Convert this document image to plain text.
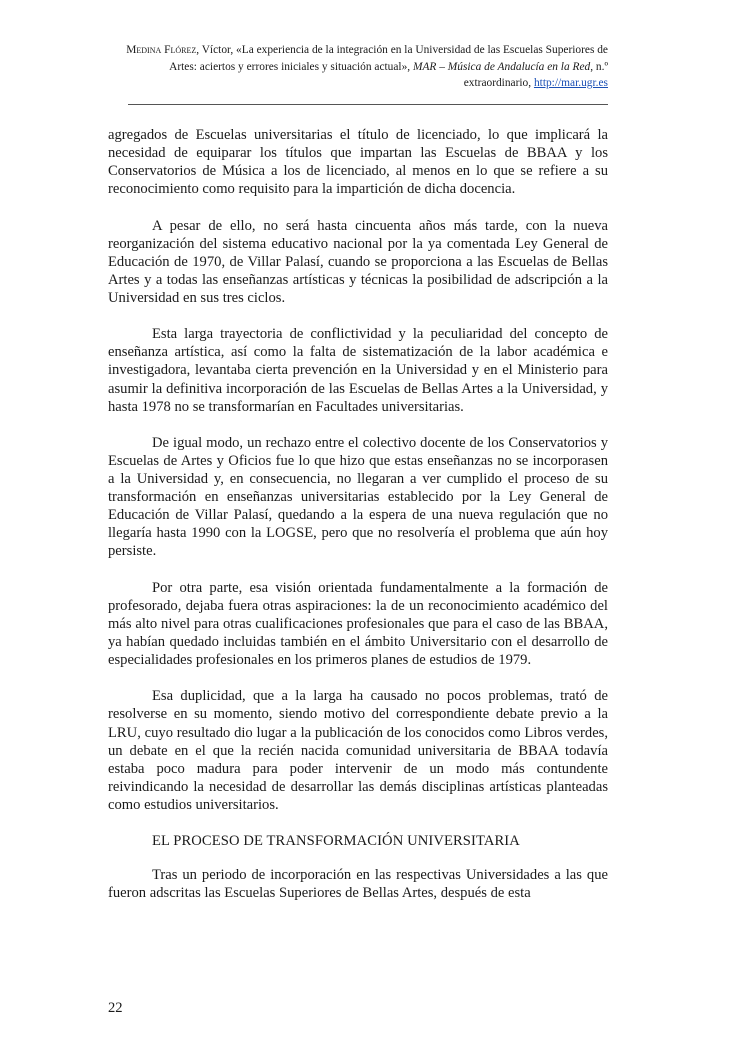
Medina Flórez, Víctor, «La experiencia de la integración en la Universidad de las Escuelas Superiores de Artes: aciertos y errores iniciales y situación actual», MAR – Música de Andalucía en la Red, n.º extraordinario, http://mar.ugr.es

agregados de Escuelas universitarias el título de licenciado, lo que implicará la necesidad de equiparar los títulos que impartan las Escuelas de BBAA y los Conservatorios de Música a los de licenciado, al menos en lo que se refiere a su reconocimiento como requisito para la impartición de dicha docencia.

A pesar de ello, no será hasta cincuenta años más tarde, con la nueva reorganización del sistema educativo nacional por la ya comentada Ley General de Educación de 1970, de Villar Palasí, cuando se proporciona a las Escuelas de Bellas Artes y a todas las enseñanzas artísticas y técnicas la posibilidad de adscripción a la Universidad en sus tres ciclos.

Esta larga trayectoria de conflictividad y la peculiaridad del concepto de enseñanza artística, así como la falta de sistematización de la labor académica e investigadora, levantaba cierta prevención en la Universidad y en el Ministerio para asumir la definitiva incorporación de las Escuelas de Bellas Artes a la Universidad, y hasta 1978 no se transformarían en Facultades universitarias.

De igual modo, un rechazo entre el colectivo docente de los Conservatorios y Escuelas de Artes y Oficios fue lo que hizo que estas enseñanzas no se incorporasen a la Universidad y, en consecuencia, no llegaran a ver cumplido el proceso de su transformación en enseñanzas universitarias establecido por la Ley General de Educación de Villar Palasí, quedando a la espera de una nueva regulación que no llegaría hasta 1990 con la LOGSE, pero que no resolvería el problema que aún hoy persiste.

Por otra parte, esa visión orientada fundamentalmente a la formación de profesorado, dejaba fuera otras aspiraciones: la de un reconocimiento académico del más alto nivel para otras cualificaciones profesionales que para el caso de las BBAA, ya habían quedado incluidas también en el ámbito Universitario con el desarrollo de especialidades profesionales en los primeros planes de estudios de 1979.

Esa duplicidad, que a la larga ha causado no pocos problemas, trató de resolverse en su momento, siendo motivo del correspondiente debate previo a la LRU, cuyo resultado dio lugar a la publicación de los conocidos como Libros verdes, un debate en el que la recién nacida comunidad universitaria de BBAA todavía estaba poco madura para poder intervenir de un modo más contundente reivindicando la necesidad de desarrollar las demás disciplinas artísticas planteadas como estudios universitarios.

EL PROCESO DE TRANSFORMACIÓN UNIVERSITARIA

Tras un periodo de incorporación en las respectivas Universidades a las que fueron adscritas las Escuelas Superiores de Bellas Artes, después de esta

22
